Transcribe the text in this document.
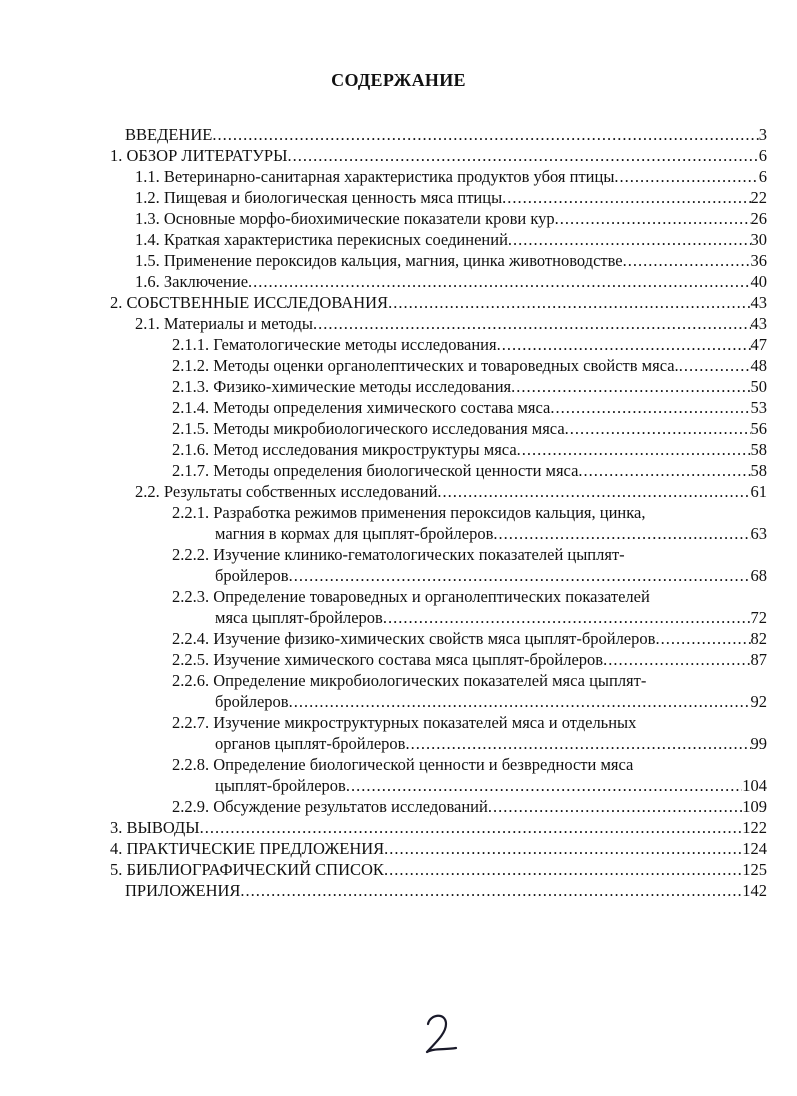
СОДЕРЖАНИЕ
ВВЕДЕНИЕ .....	3
1. ОБЗОР ЛИТЕРАТУРЫ .....	6
1.1. Ветеринарно-санитарная характеристика продуктов убоя птицы .....	6
1.2. Пищевая и биологическая ценность мяса птицы .....	22
1.3. Основные морфо-биохимические показатели крови кур .....	26
1.4. Краткая характеристика перекисных соединений .....	30
1.5. Применение пероксидов кальция, магния, цинка животноводстве .....	36
1.6. Заключение .....	40
2. СОБСТВЕННЫЕ ИССЛЕДОВАНИЯ .....	43
2.1. Материалы и методы .....	43
2.1.1. Гематологические методы исследования .....	47
2.1.2. Методы оценки органолептических и товароведных свойств мяса. .....	48
2.1.3. Физико-химические методы исследования .....	50
2.1.4. Методы определения химического состава мяса .....	53
2.1.5. Методы микробиологического исследования мяса .....	56
2.1.6. Метод исследования микроструктуры мяса .....	58
2.1.7. Методы определения биологической ценности мяса .....	58
2.2. Результаты собственных исследований .....	61
2.2.1. Разработка режимов применения пероксидов кальция, цинка,
магния в кормах для цыплят-бройлеров .....	63
2.2.2. Изучение клинико-гематологических показателей цыплят-
бройлеров .....	68
2.2.3. Определение товароведных и органолептических показателей
мяса цыплят-бройлеров .....	72
2.2.4. Изучение физико-химических свойств мяса цыплят-бройлеров .....	82
2.2.5. Изучение химического состава мяса цыплят-бройлеров .....	87
2.2.6. Определение микробиологических показателей мяса цыплят-
бройлеров .....	92
2.2.7. Изучение микроструктурных показателей мяса и отдельных
органов цыплят-бройлеров .....	99
2.2.8. Определение биологической ценности и безвредности мяса
цыплят-бройлеров .....	104
2.2.9. Обсуждение результатов исследований .....	109
3. ВЫВОДЫ .....	122
4. ПРАКТИЧЕСКИЕ ПРЕДЛОЖЕНИЯ .....	124
5. БИБЛИОГРАФИЧЕСКИЙ СПИСОК .....	125
ПРИЛОЖЕНИЯ .....	142
